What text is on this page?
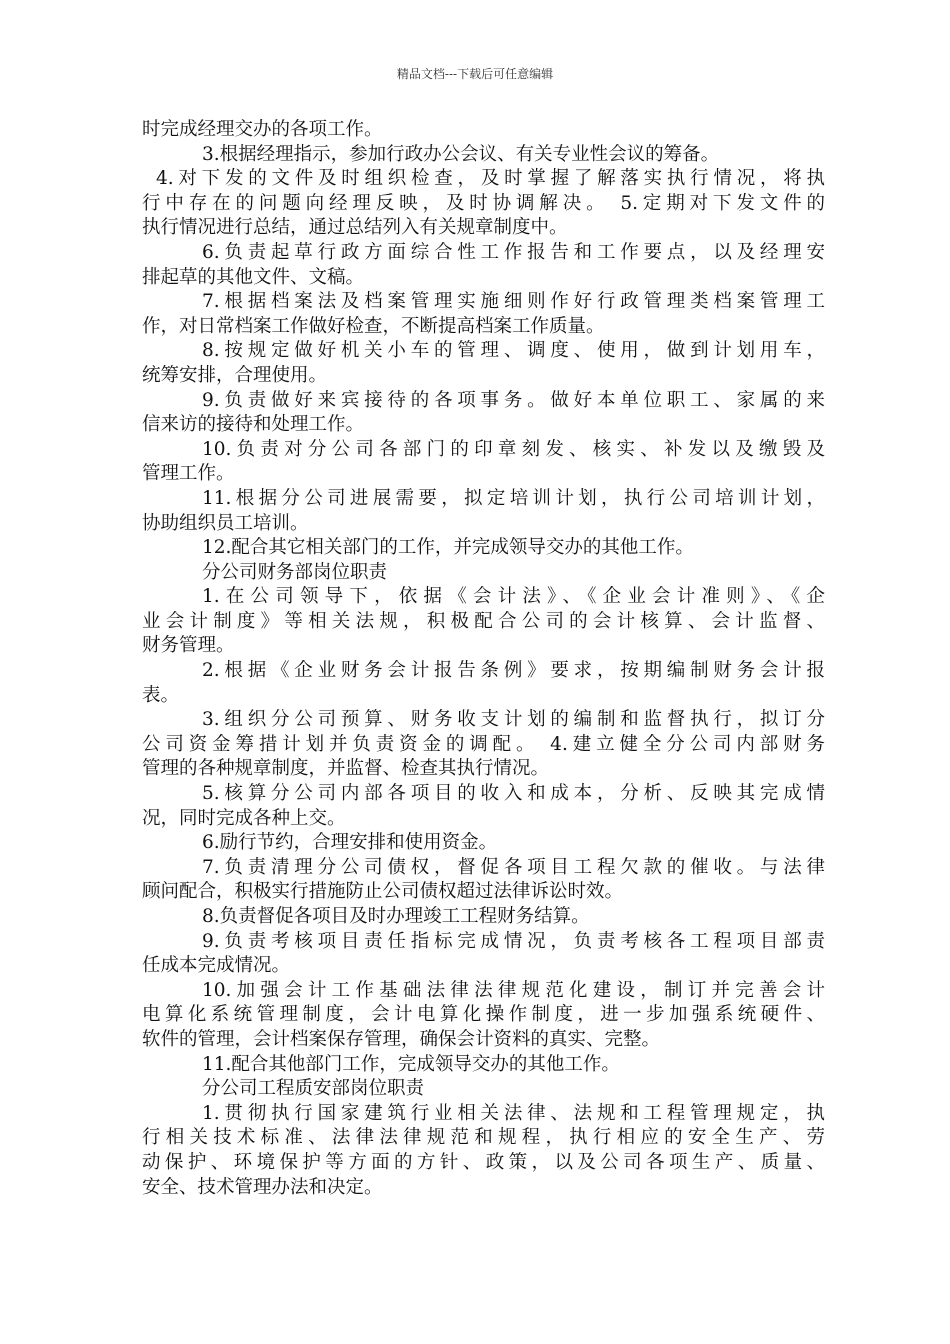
精品文档---下载后可任意编辑
时完成经理交办的各项工作。
3.根据经理指示，参加行政办公会议、有关专业性会议的筹备。
4.对下发的文件及时组织检查，及时掌握了解落实执行情况，将执
行中存在的问题向经理反映，及时协调解决。 5.定期对下发文件的
执行情况进行总结，通过总结列入有关规章制度中。
6.负责起草行政方面综合性工作报告和工作要点，以及经理安
排起草的其他文件、文稿。
7.根据档案法及档案管理实施细则作好行政管理类档案管理工
作，对日常档案工作做好检查，不断提高档案工作质量。
8.按规定做好机关小车的管理、调度、使用，做到计划用车，
统筹安排，合理使用。
9.负责做好来宾接待的各项事务。做好本单位职工、家属的来
信来访的接待和处理工作。
10.负责对分公司各部门的印章刻发、核实、补发以及缴毁及
管理工作。
11.根据分公司进展需要，拟定培训计划，执行公司培训计划，
协助组织员工培训。
12.配合其它相关部门的工作，并完成领导交办的其他工作。
分公司财务部岗位职责
1.在公司领导下，依据《会计法》、《企业会计准则》、《企
业会计制度》等相关法规，积极配合公司的会计核算、会计监督、
财务管理。
2.根据《企业财务会计报告条例》要求，按期编制财务会计报
表。
3.组织分公司预算、财务收支计划的编制和监督执行，拟订分
公司资金筹措计划并负责资金的调配。 4.建立健全分公司内部财务
管理的各种规章制度，并监督、检查其执行情况。
5.核算分公司内部各项目的收入和成本，分析、反映其完成情
况，同时完成各种上交。
6.励行节约，合理安排和使用资金。
7.负责清理分公司债权，督促各项目工程欠款的催收。与法律
顾问配合，积极实行措施防止公司债权超过法律诉讼时效。
8.负责督促各项目及时办理竣工工程财务结算。
9.负责考核项目责任指标完成情况，负责考核各工程项目部责
任成本完成情况。
10.加强会计工作基础法律法律规范化建设，制订并完善会计
电算化系统管理制度，会计电算化操作制度，进一步加强系统硬件、
软件的管理，会计档案保存管理，确保会计资料的真实、完整。
11.配合其他部门工作，完成领导交办的其他工作。
分公司工程质安部岗位职责
1.贯彻执行国家建筑行业相关法律、法规和工程管理规定，执
行相关技术标准、法律法律规范和规程，执行相应的安全生产、劳
动保护、环境保护等方面的方针、政策，以及公司各项生产、质量、
安全、技术管理办法和决定。
